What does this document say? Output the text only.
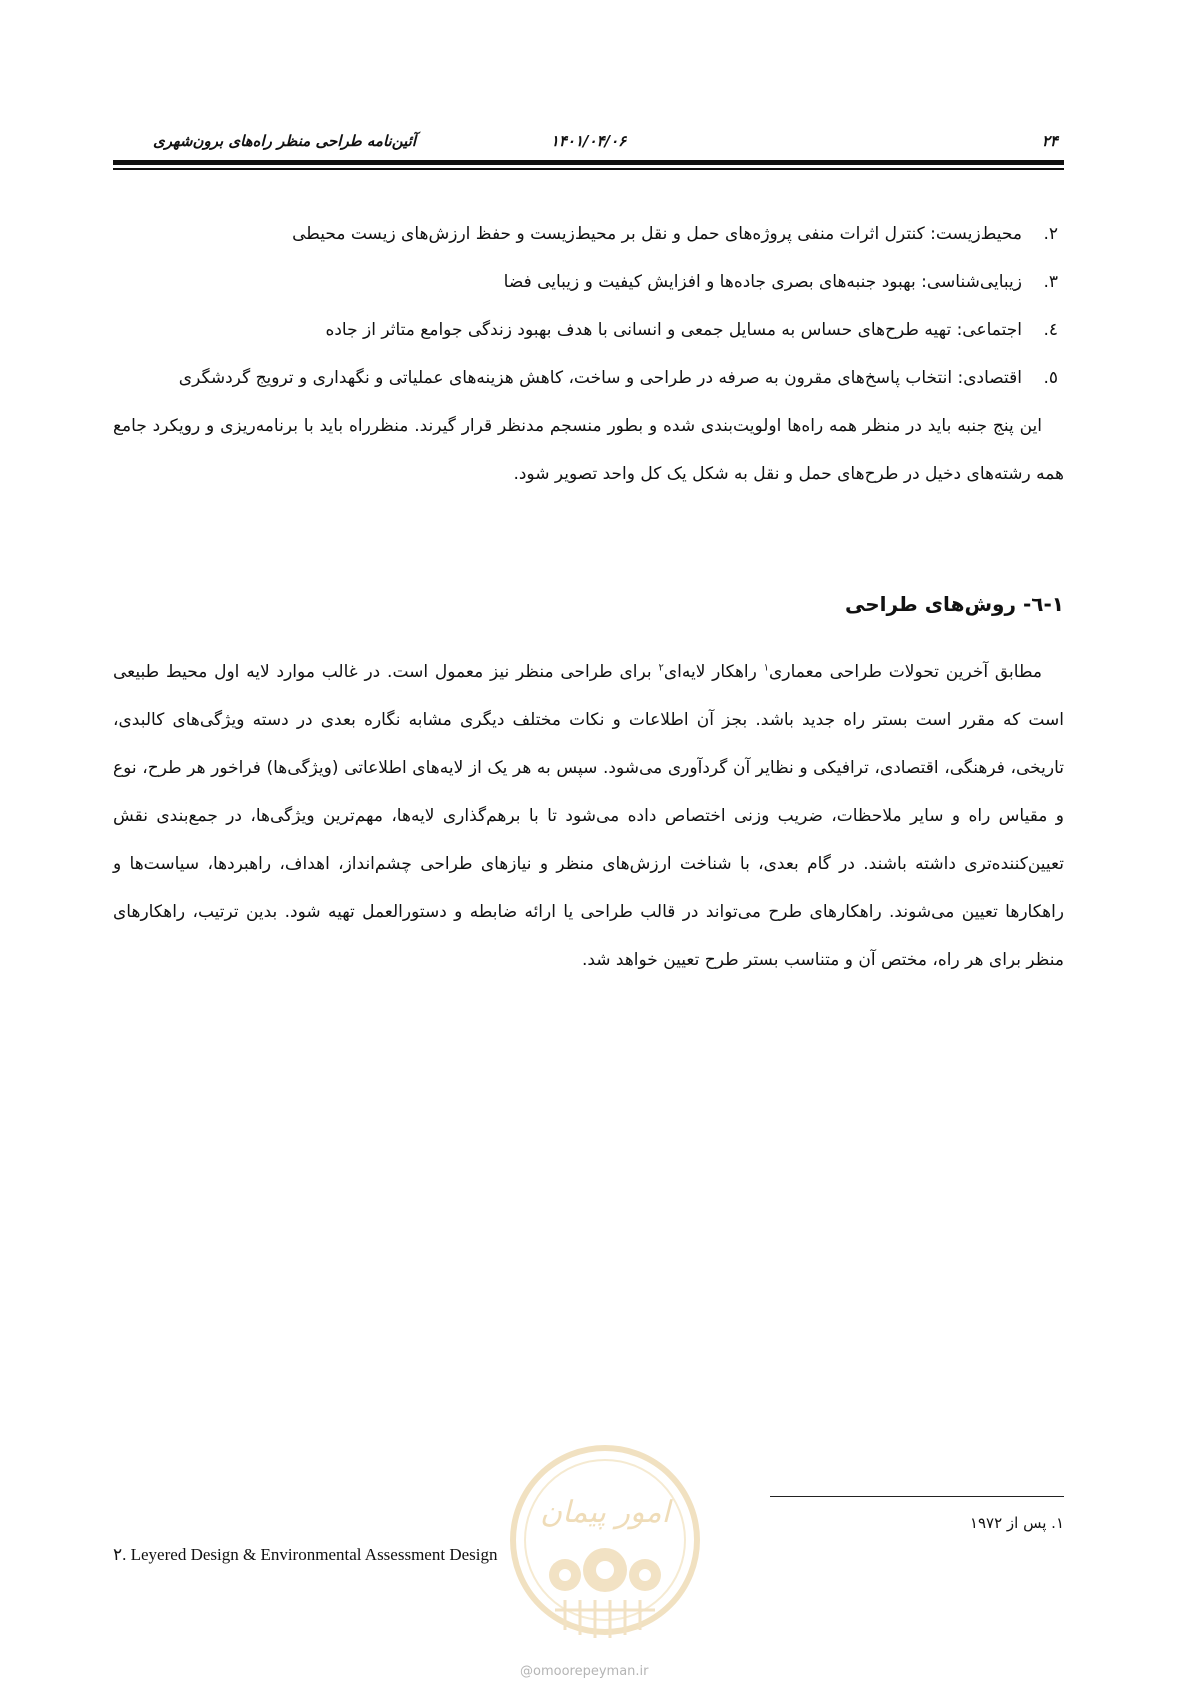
۲۴
۱۴۰۱/۰۴/۰۶
آئین‌نامه طراحی منظر راه‌های برون‌شهری
۲.
محیط‌زیست: کنترل اثرات منفی پروژه‌های حمل و نقل بر محیط‌زیست و حفظ ارزش‌های زیست محیطی
۳.
زیبایی‌شناسی: بهبود جنبه‌های بصری جاده‌ها و افزایش کیفیت و زیبایی فضا
٤.
اجتماعی: تهیه طرح‌های حساس به مسایل جمعی و انسانی با هدف بهبود زندگی جوامع متاثر از جاده
٥.
اقتصادی: انتخاب پاسخ‌های مقرون به صرفه در طراحی و ساخت، کاهش هزینه‌های عملیاتی و نگهداری و ترویج گردشگری

این پنج جنبه باید در منظر همه راه‌ها اولویت‌بندی شده و بطور منسجم مدنظر قرار گیرند. منظرراه باید با برنامه‌ریزی و رویکرد جامع همه رشته‌های دخیل در طرح‌های حمل و نقل به شکل یک کل واحد تصویر شود.

۱-٦- روش‌های طراحی

مطابق آخرین تحولات طراحی معماری$^۱$ راهکار لایه‌ای$^۲$ برای طراحی منظر نیز معمول است. در غالب موارد لایه اول محیط طبیعی است که مقرر است بستر راه جدید باشد. بجز آن اطلاعات و نکات مختلف دیگری مشابه نگاره بعدی در دسته ویژگی‌های کالبدی، تاریخی، فرهنگی، اقتصادی، ترافیکی و نظایر آن گردآوری می‌شود. سپس به هر یک از لایه‌های اطلاعاتی (ویژگی‌ها) فراخور هر طرح، نوع و مقیاس راه و سایر ملاحظات، ضریب وزنی اختصاص داده می‌شود تا با برهم‌گذاری لایه‌ها، مهم‌ترین ویژگی‌ها، در جمع‌بندی نقش تعیین‌کننده‌تری داشته باشند. در گام بعدی، با شناخت ارزش‌های منظر و نیازهای طراحی چشم‌انداز، اهداف، راهبردها، سیاست‌ها و راهکارها تعیین می‌شوند. راهکارهای طرح می‌تواند در قالب طراحی یا ارائه ضابطه و دستورالعمل تهیه شود. بدین ترتیب، راهکارهای منظر برای هر راه، مختص آن و متناسب بستر طرح تعیین خواهد شد.

۱. پس از ۱۹۷۲
۲. Leyered Design & Environmental Assessment Design
امور پیمان
@omoorepeyman.ir
